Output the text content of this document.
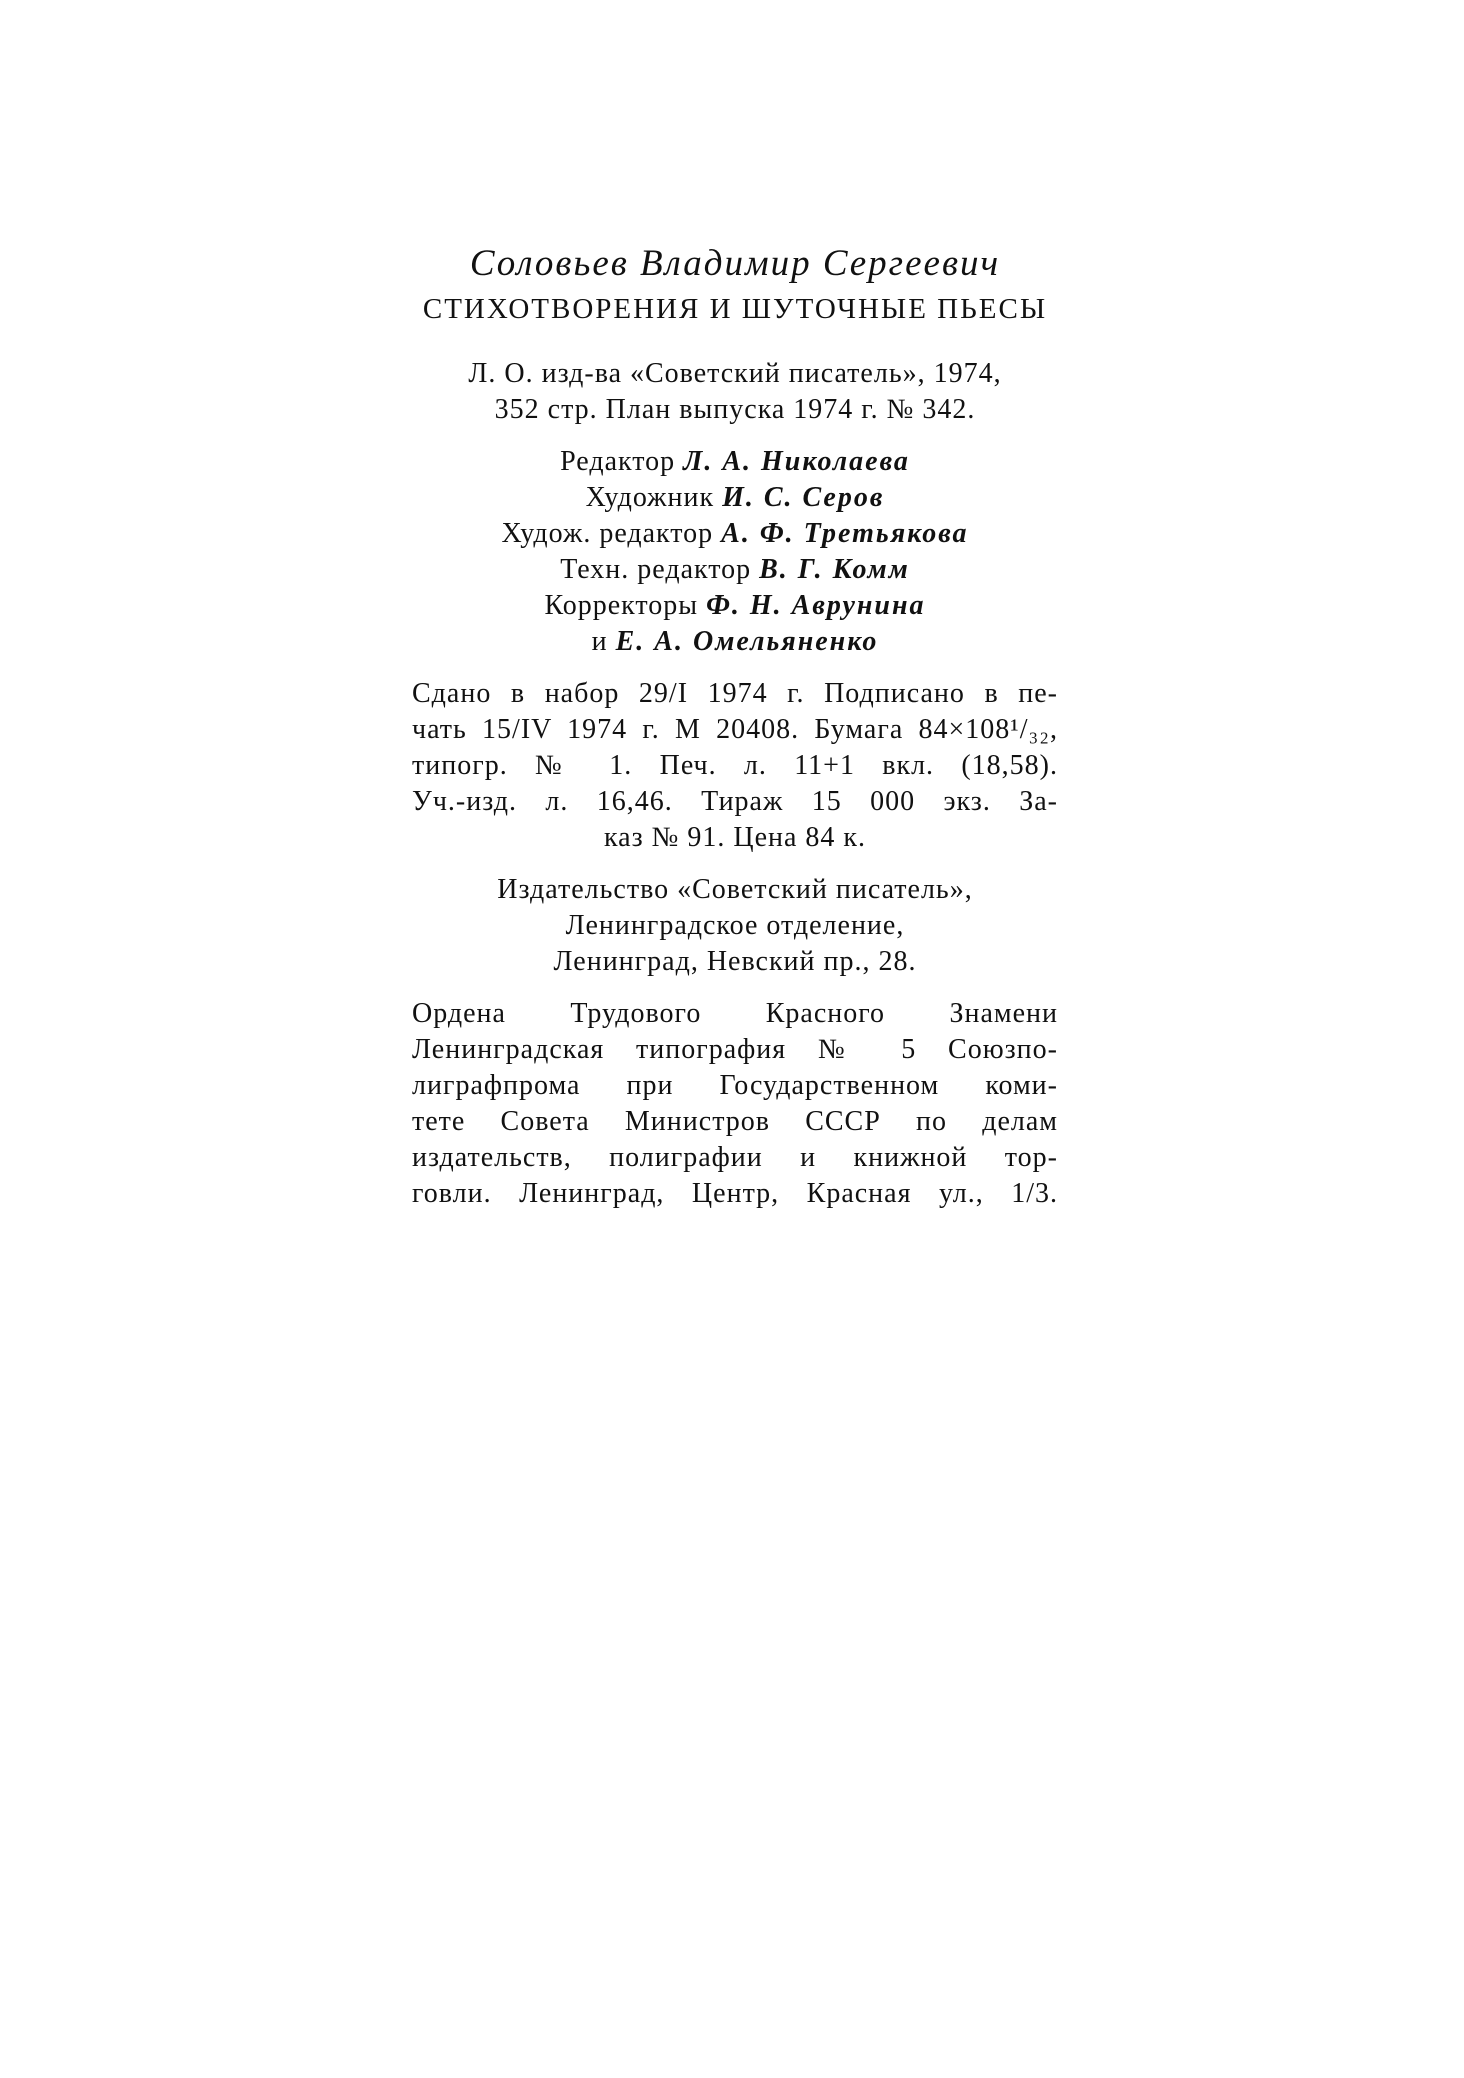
Соловьев Владимир Сергеевич

СТИХОТВОРЕНИЯ И ШУТОЧНЫЕ ПЬЕСЫ

Л. О. изд-ва «Советский писатель», 1974,
352 стр. План выпуска 1974 г. № 342.
Редактор Л. А. Николаева
Художник И. С. Серов
Худож. редактор А. Ф. Третьякова
Техн. редактор В. Г. Комм
Корректоры Ф. Н. Аврунина
и Е. А. Омельяненко
Сдано в набор 29/I 1974 г. Подписано в пе-
чать 15/IV 1974 г. М 20408. Бумага 84×108¹/₃₂,
типогр. № 1. Печ. л. 11+1 вкл. (18,58).
Уч.-изд. л. 16,46. Тираж 15 000 экз. За-
каз № 91. Цена 84 к.
Издательство «Советский писатель»,
Ленинградское отделение,
Ленинград, Невский пр., 28.
Ордена Трудового Красного Знамени
Ленинградская типография № 5 Союзпо-
лиграфпрома при Государственном коми-
тете Совета Министров СССР по делам
издательств, полиграфии и книжной тор-
говли. Ленинград, Центр, Красная ул., 1/3.
